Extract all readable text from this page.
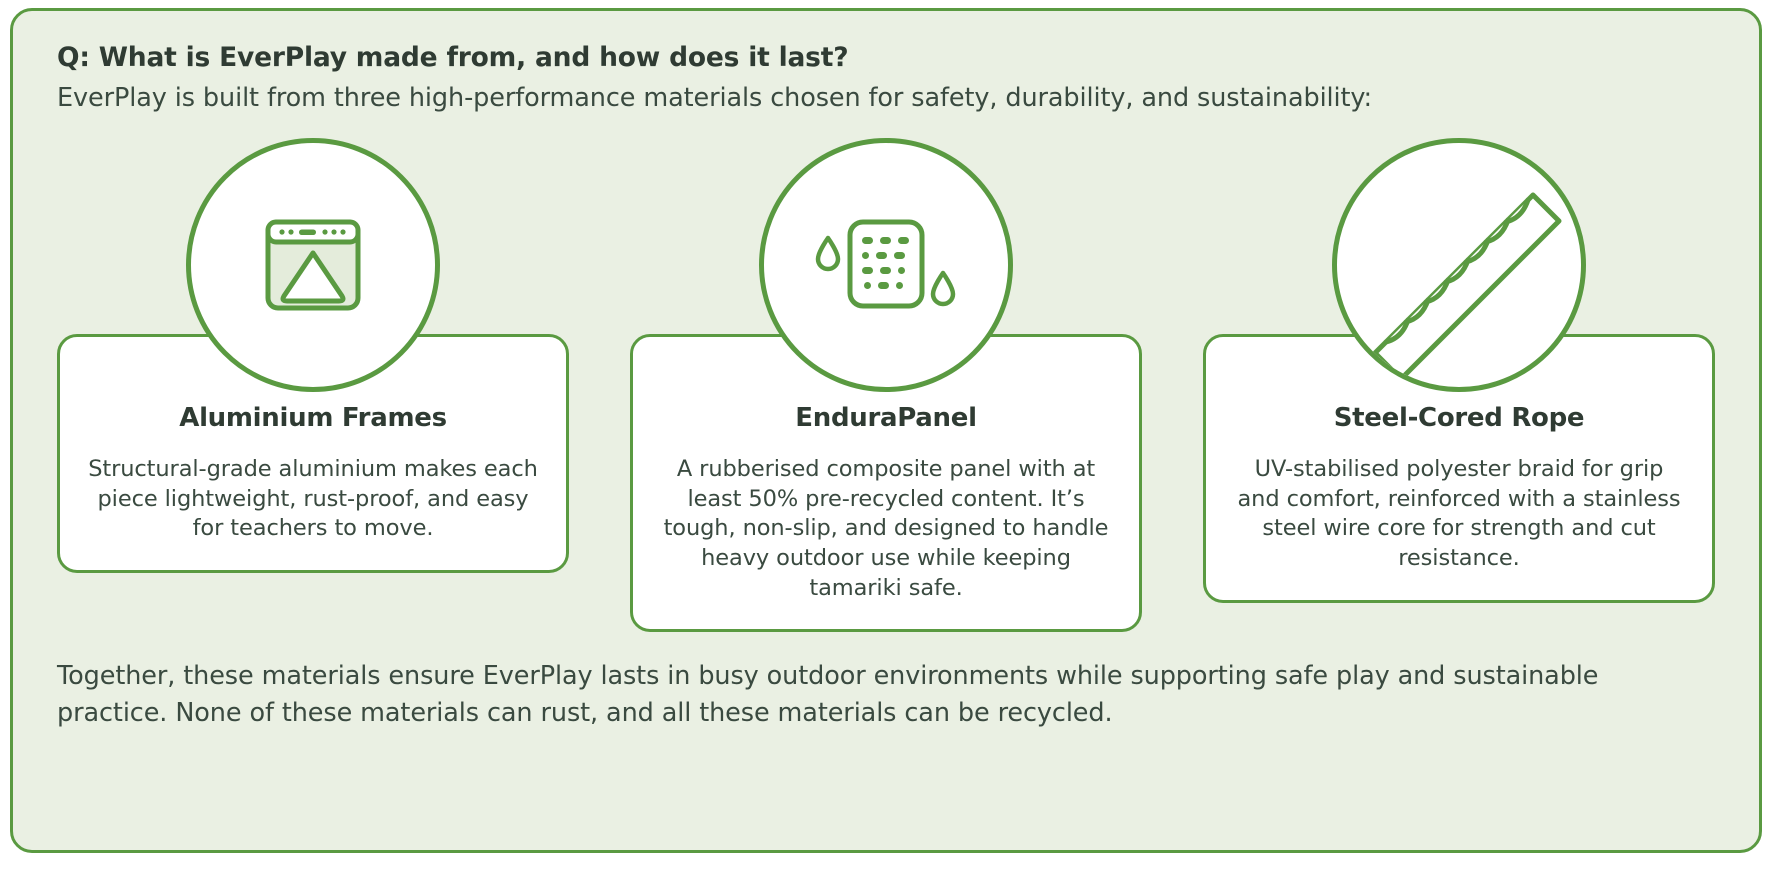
Q: What is EverPlay made from, and how does it last?
EverPlay is built from three high-performance materials chosen for safety, durability, and sustainability:
Aluminium Frames
Structural-grade aluminium makes each piece lightweight, rust-proof, and easy for teachers to move.
EnduraPanel
A rubberised composite panel with at least 50% pre-recycled content. It’s tough, non-slip, and designed to handle heavy outdoor use while keeping tamariki safe.
Steel-Cored Rope
UV-stabilised polyester braid for grip and comfort, reinforced with a stainless steel wire core for strength and cut resistance.
Together, these materials ensure EverPlay lasts in busy outdoor environments while supporting safe play and sustainable practice. None of these materials can rust, and all these materials can be recycled.
